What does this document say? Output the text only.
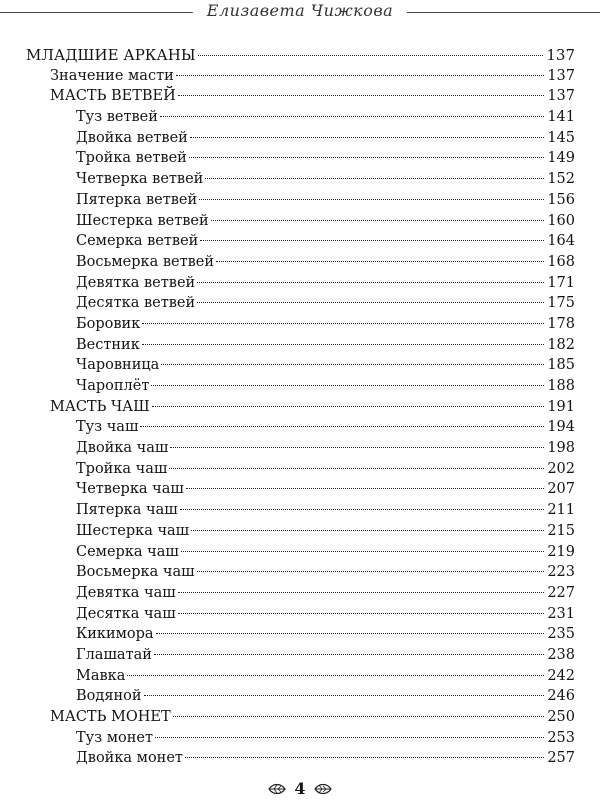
Елизавета Чижкова
МЛАДШИЕ АРКАНЫ	137
Значение масти	137
МАСТЬ ВЕТВЕЙ	137
Туз ветвей	141
Двойка ветвей	145
Тройка ветвей	149
Четверка ветвей	152
Пятерка ветвей	156
Шестерка ветвей	160
Семерка ветвей	164
Восьмерка ветвей	168
Девятка ветвей	171
Десятка ветвей	175
Боровик	178
Вестник	182
Чаровница	185
Чароплёт	188
МАСТЬ ЧАШ	191
Туз чаш	194
Двойка чаш	198
Тройка чаш	202
Четверка чаш	207
Пятерка чаш	211
Шестерка чаш	215
Семерка чаш	219
Восьмерка чаш	223
Девятка чаш	227
Десятка чаш	231
Кикимора	235
Глашатай	238
Мавка	242
Водяной	246
МАСТЬ МОНЕТ	250
Туз монет	253
Двойка монет	257
4
